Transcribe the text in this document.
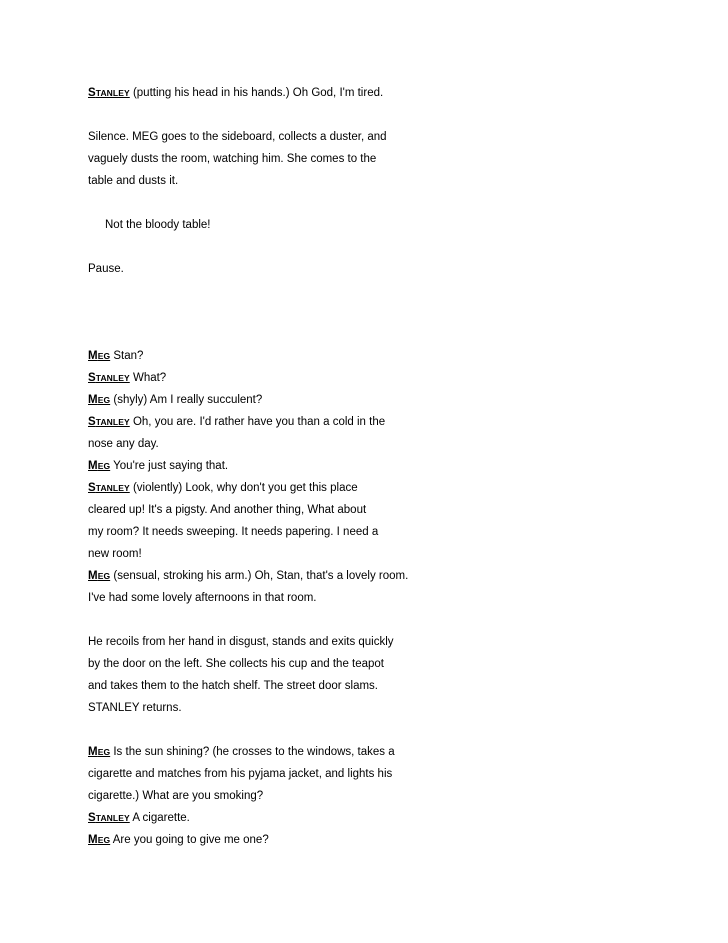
STANLEY (putting his head in his hands.) Oh God, I'm tired.
Silence. MEG goes to the sideboard, collects a duster, and
vaguely dusts the room, watching him. She comes to the
table and dusts it.
Not the bloody table!
Pause.
MEG Stan?
STANLEY What?
MEG (shyly) Am I really succulent?
STANLEY Oh, you are. I'd rather have you than a cold in the
nose any day.
MEG You're just saying that.
STANLEY (violently) Look, why don't you get this place
cleared up! It's a pigsty. And another thing, What about
my room? It needs sweeping. It needs papering. I need a
new room!
MEG (sensual, stroking his arm.) Oh, Stan, that's a lovely room.
I've had some lovely afternoons in that room.
He recoils from her hand in disgust, stands and exits quickly
by the door on the left. She collects his cup and the teapot
and takes them to the hatch shelf. The street door slams.
STANLEY returns.
MEG Is the sun shining? (he crosses to the windows, takes a
cigarette and matches from his pyjama jacket, and lights his
cigarette.) What are you smoking?
STANLEY A cigarette.
MEG Are you going to give me one?
